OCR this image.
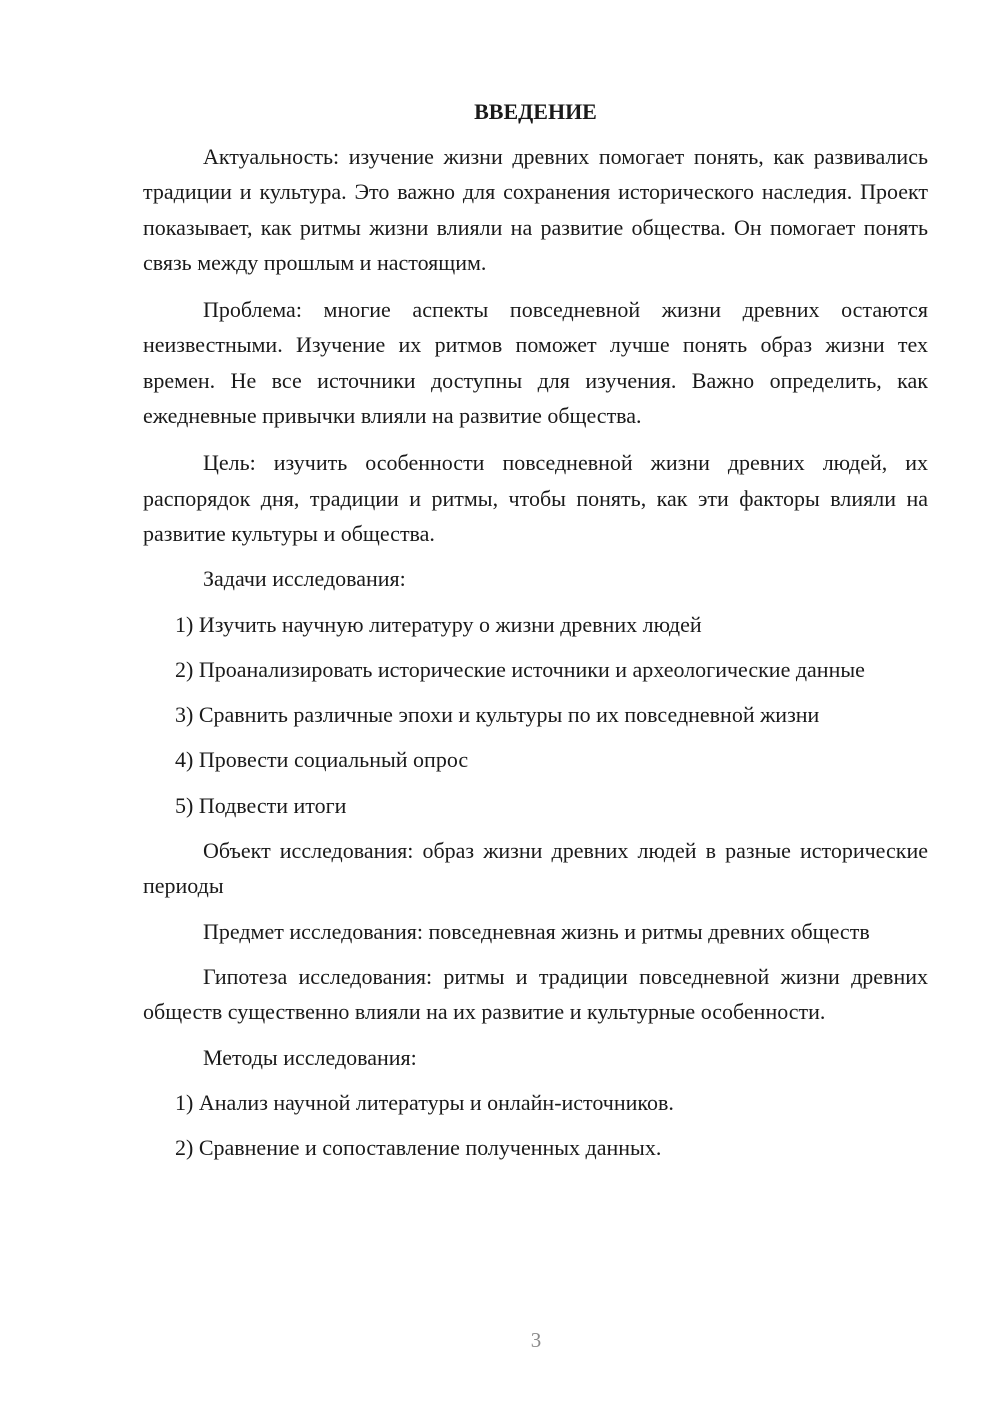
ВВЕДЕНИЕ

Актуальность: изучение жизни древних помогает понять, как развивались традиции и культура. Это важно для сохранения исторического наследия. Проект показывает, как ритмы жизни влияли на развитие общества. Он помогает понять связь между прошлым и настоящим.

Проблема: многие аспекты повседневной жизни древних остаются неизвестными. Изучение их ритмов поможет лучше понять образ жизни тех времен. Не все источники доступны для изучения. Важно определить, как ежедневные привычки влияли на развитие общества.

Цель: изучить особенности повседневной жизни древних людей, их распорядок дня, традиции и ритмы, чтобы понять, как эти факторы влияли на развитие культуры и общества.

Задачи исследования:

1) Изучить научную литературу о жизни древних людей

2) Проанализировать исторические источники и археологические данные

3) Сравнить различные эпохи и культуры по их повседневной жизни

4) Провести социальный опрос

5) Подвести итоги

Объект исследования: образ жизни древних людей в разные исторические периоды

Предмет исследования: повседневная жизнь и ритмы древних обществ

Гипотеза исследования: ритмы и традиции повседневной жизни древних обществ существенно влияли на их развитие и культурные особенности.

Методы исследования:

1) Анализ научной литературы и онлайн-источников.

2) Сравнение и сопоставление полученных данных.

3
